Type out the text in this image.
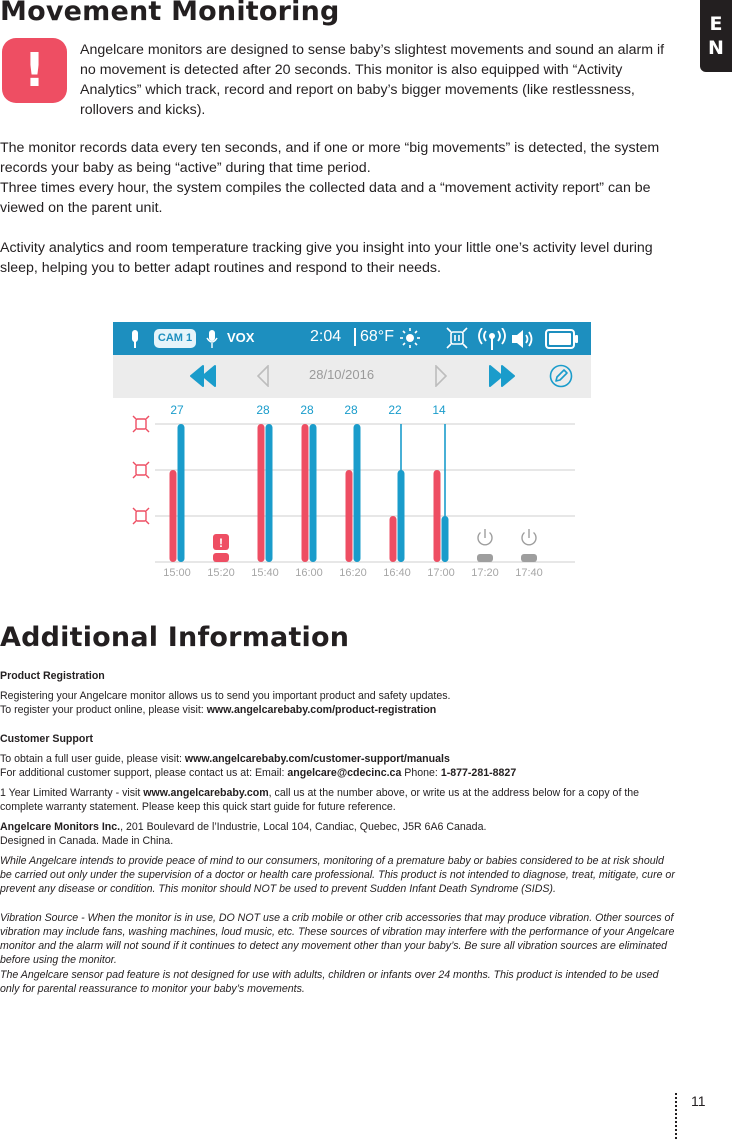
E
N
Movement Monitoring
!	Angelcare monitors are designed to sense baby’s slightest movements and sound an alarm if no movement is detected after 20 seconds. This monitor is also equipped with “Activity Analytics” which track, record and report on baby’s bigger movements (like restlessness, rollovers and kicks).

The monitor records data every ten seconds, and if one or more “big movements” is detected, the system records your baby as being “active” during that time period.
Three times every hour, the system compiles the collected data and a “movement activity report” can be viewed on the parent unit.

Activity analytics and room temperature tracking give you insight into your little one’s activity level during sleep, helping you to better adapt routines and respond to their needs.

CAM 1	VOX	2:04	68°F
28/10/2016
15:00
27
15:20
!
15:40
28
16:00
28
16:20
28
16:40
22
17:00
14
17:20 17:40
Additional Information

Product Registration

Registering your Angelcare monitor allows us to send you important product and safety updates.
To register your product online, please visit: www.angelcarebaby.com/product-registration

Customer Support

To obtain a full user guide, please visit: www.angelcarebaby.com/customer-support/manuals
For additional customer support, please contact us at: Email: angelcare@cdecinc.ca Phone: 1-877-281-8827

1 Year Limited Warranty - visit www.angelcarebaby.com, call us at the number above, or write us at the address below for a copy of the complete warranty statement. Please keep this quick start guide for future reference.

Angelcare Monitors Inc., 201 Boulevard de l’Industrie, Local 104, Candiac, Quebec, J5R 6A6 Canada.
Designed in Canada. Made in China.

While Angelcare intends to provide peace of mind to our consumers, monitoring of a premature baby or babies considered to be at risk should be carried out only under the supervision of a doctor or health care professional. This product is not intended to diagnose, treat, mitigate, cure or prevent any disease or condition. This monitor should NOT be used to prevent Sudden Infant Death Syndrome (SIDS).

Vibration Source - When the monitor is in use, DO NOT use a crib mobile or other crib accessories that may produce vibration. Other sources of vibration may include fans, washing machines, loud music, etc. These sources of vibration may interfere with the performance of your Angelcare monitor and the alarm will not sound if it continues to detect any movement other than your baby’s. Be sure all vibration sources are eliminated before using the monitor.

The Angelcare sensor pad feature is not designed for use with adults, children or infants over 24 months. This product is intended to be used only for parental reassurance to monitor your baby’s movements.

11
